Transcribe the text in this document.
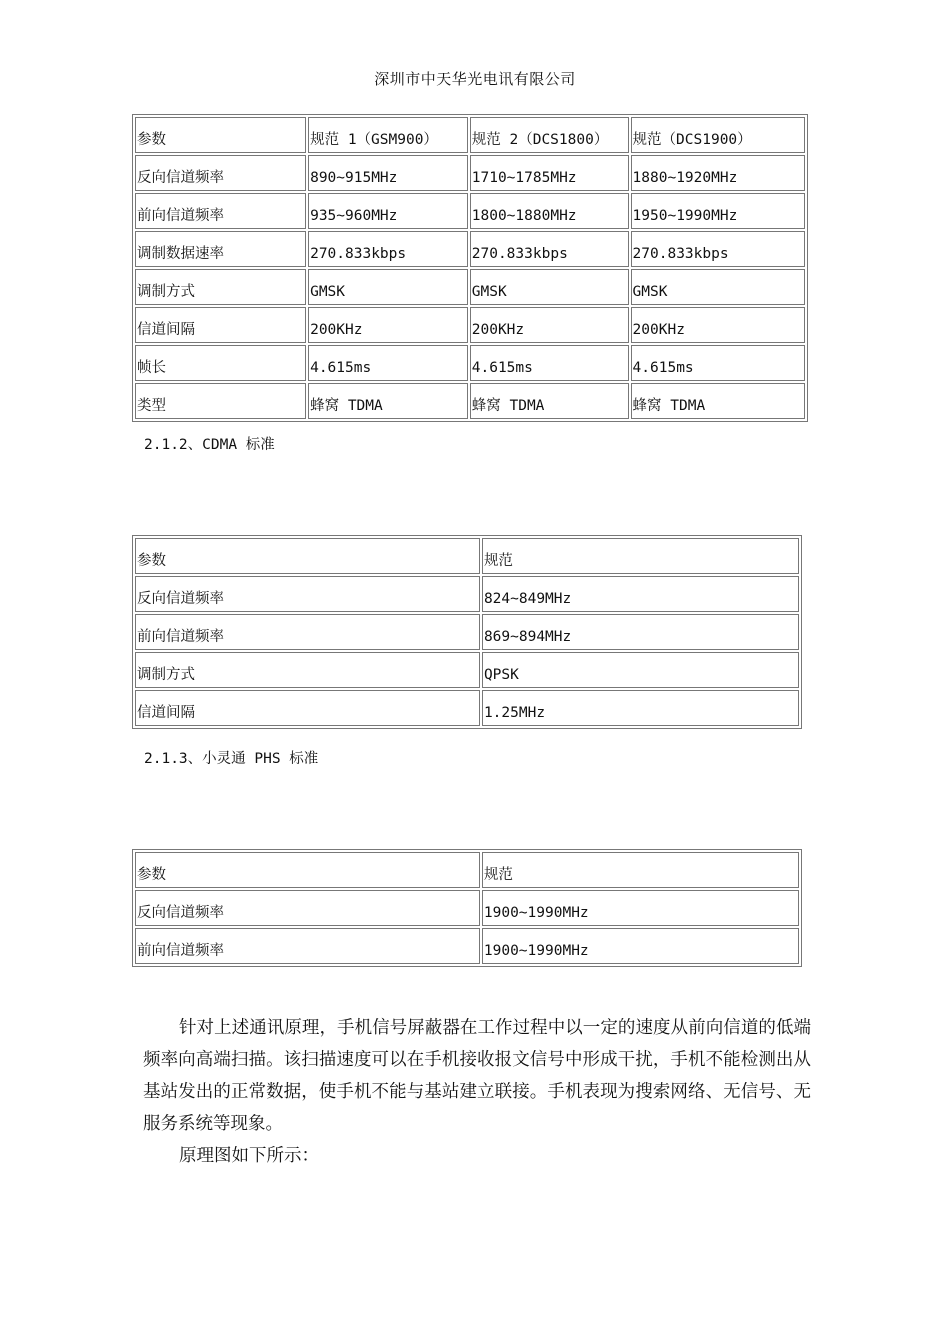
深圳市中天华光电讯有限公司
参数	规范 1（GSM900）	规范 2（DCS1800）	规范（DCS1900）
反向信道频率	890~915MHz	1710~1785MHz	1880~1920MHz
前向信道频率	935~960MHz	1800~1880MHz	1950~1990MHz
调制数据速率	270.833kbps	270.833kbps	270.833kbps
调制方式	GMSK	GMSK	GMSK
信道间隔	200KHz	200KHz	200KHz
帧长	4.615ms	4.615ms	4.615ms
类型	蜂窝 TDMA	蜂窝 TDMA	蜂窝 TDMA
2.1.2、CDMA 标准
参数	规范
反向信道频率	824~849MHz
前向信道频率	869~894MHz
调制方式	QPSK
信道间隔	1.25MHz
2.1.3、小灵通 PHS 标准
参数	规范
反向信道频率	1900~1990MHz
前向信道频率	1900~1990MHz
针对上述通讯原理，手机信号屏蔽器在工作过程中以一定的速度从前向信道的低端频率向高端扫描。该扫描速度可以在手机接收报文信号中形成干扰，手机不能检测出从基站发出的正常数据，使手机不能与基站建立联接。手机表现为搜索网络、无信号、无服务系统等现象。
原理图如下所示：
